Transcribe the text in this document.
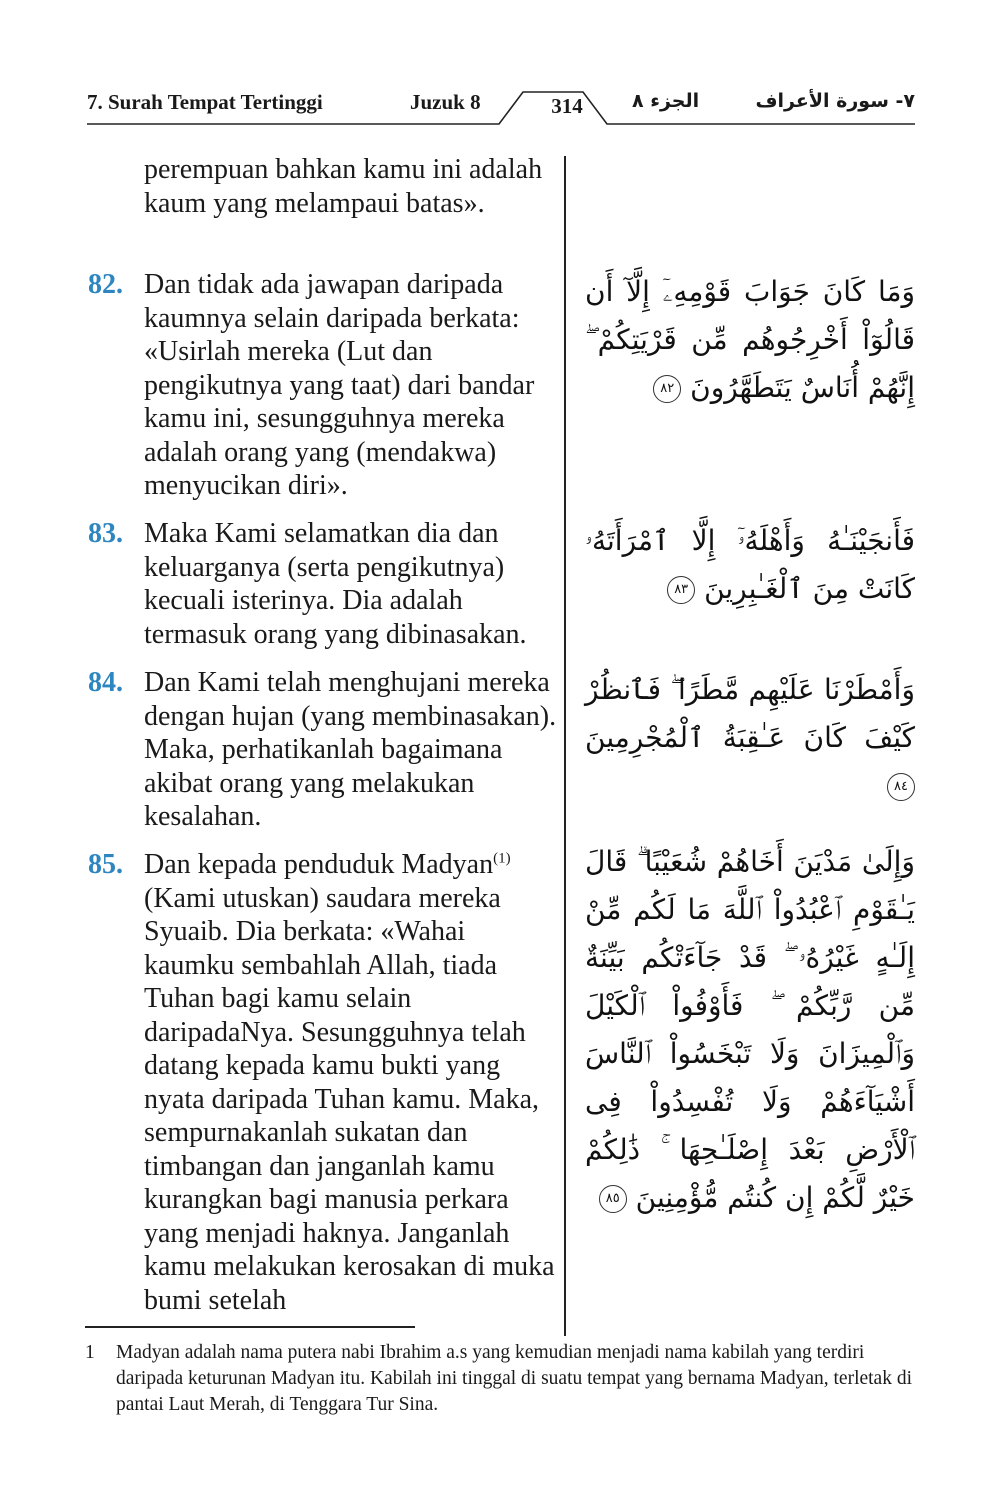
7. Surah Tempat Tertinggi	Juzuk 8	314	الجزء ٨	٧- سورة الأعراف
perempuan bahkan kamu ini adalah kaum yang melampaui batas».
82. Dan tidak ada jawapan daripada kaumnya selain daripada berkata: «Usirlah mereka (Lut dan pengikutnya yang taat) dari bandar kamu ini, sesungguhnya mereka adalah orang yang (mendakwa) menyucikan diri».
83. Maka Kami selamatkan dia dan keluarganya (serta pengikutnya) kecuali isterinya. Dia adalah termasuk orang yang dibinasakan.
84. Dan Kami telah menghujani mereka dengan hujan (yang membinasakan). Maka, perhatikanlah bagaimana akibat orang yang melakukan kesalahan.
85. Dan kepada penduduk Madyan$^{(1)}$ (Kami utuskan) saudara mereka Syuaib. Dia berkata: «Wahai kaumku sembahlah Allah, tiada Tuhan bagi kamu selain daripadaNya. Sesungguhnya telah datang kepada kamu bukti yang nyata daripada Tuhan kamu. Maka, sempurnakanlah sukatan dan timbangan dan janganlah kamu kurangkan bagi manusia perkara yang menjadi haknya. Janganlah kamu melakukan kerosakan di muka bumi setelah
وَمَا كَانَ جَوَابَ قَوْمِهِۦٓ إِلَّآ أَن قَالُوٓاْ أَخْرِجُوهُم مِّن قَرْيَتِكُمْ ۖ إِنَّهُمْ أُنَاسٌ يَتَطَهَّرُونَ ٨٢
فَأَنجَيْنَـٰهُ وَأَهْلَهُۥٓ إِلَّا ٱمْرَأَتَهُۥ كَانَتْ مِنَ ٱلْغَـٰبِرِينَ ٨٣
وَأَمْطَرْنَا عَلَيْهِم مَّطَرًا ۖ فَٱنظُرْ كَيْفَ كَانَ عَـٰقِبَةُ ٱلْمُجْرِمِينَ ٨٤
وَإِلَىٰ مَدْيَنَ أَخَاهُمْ شُعَيْبًا ۗ قَالَ يَـٰقَوْمِ ٱعْبُدُواْ ٱللَّهَ مَا لَكُم مِّنْ إِلَـٰهٍ غَيْرُهُۥ ۖ قَدْ جَآءَتْكُم بَيِّنَةٌ مِّن رَّبِّكُمْ ۖ فَأَوْفُواْ ٱلْكَيْلَ وَٱلْمِيزَانَ وَلَا تَبْخَسُواْ ٱلنَّاسَ أَشْيَآءَهُمْ وَلَا تُفْسِدُواْ فِى ٱلْأَرْضِ بَعْدَ إِصْلَـٰحِهَا ۚ ذَٰلِكُمْ خَيْرٌ لَّكُمْ إِن كُنتُم مُّؤْمِنِينَ ٨٥
1 Madyan adalah nama putera nabi Ibrahim a.s yang kemudian menjadi nama kabilah yang terdiri daripada keturunan Madyan itu. Kabilah ini tinggal di suatu tempat yang bernama Madyan, terletak di pantai Laut Merah, di Tenggara Tur Sina.
